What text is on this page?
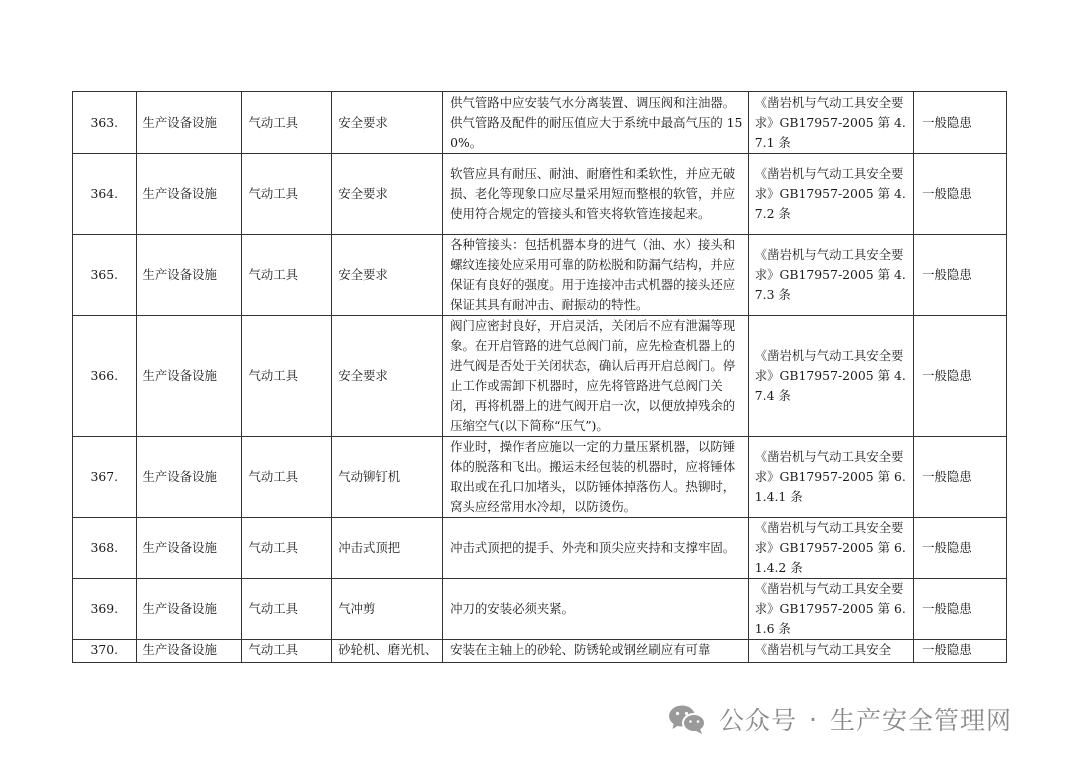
363.	生产设备设施	气动工具	安全要求	供气管路中应安装气水分离装置、调压阀和注油器。供气管路及配件的耐压值应大于系统中最高气压的 150%。	《凿岩机与气动工具安全要求》GB17957-2005 第 4.7.1 条	一般隐患
364.	生产设备设施	气动工具	安全要求	软管应具有耐压、耐油、耐磨性和柔软性，并应无破损、老化等现象口应尽量采用短而整根的软管，并应使用符合规定的管接头和管夹将软管连接起来。	《凿岩机与气动工具安全要求》GB17957-2005 第 4.7.2 条	一般隐患
365.	生产设备设施	气动工具	安全要求	各种管接头：包括机器本身的进气（油、水）接头和螺纹连接处应采用可靠的防松脱和防漏气结构，并应保证有良好的强度。用于连接冲击式机器的接头还应保证其具有耐冲击、耐振动的特性。	《凿岩机与气动工具安全要求》GB17957-2005 第 4.7.3 条	一般隐患
366.	生产设备设施	气动工具	安全要求	阀门应密封良好，开启灵活，关闭后不应有泄漏等现象。在开启管路的进气总阀门前，应先检查机器上的进气阀是否处于关闭状态，确认后再开启总阀门。停止工作或需卸下机器时，应先将管路进气总阀门关闭，再将机器上的进气阀开启一次，以便放掉残余的压缩空气(以下简称“压气”)。	《凿岩机与气动工具安全要求》GB17957-2005 第 4.7.4 条	一般隐患
367.	生产设备设施	气动工具	气动铆钉机	作业时，操作者应施以一定的力量压紧机器，以防锤体的脱落和飞出。搬运未经包装的机器时，应将锤体取出或在孔口加堵头，以防锤体掉落伤人。热铆时，窝头应经常用水冷却，以防烫伤。	《凿岩机与气动工具安全要求》GB17957-2005 第 6.1.4.1 条	一般隐患
368.	生产设备设施	气动工具	冲击式顶把	冲击式顶把的提手、外壳和顶尖应夹持和支撑牢固。	《凿岩机与气动工具安全要求》GB17957-2005 第 6.1.4.2 条	一般隐患
369.	生产设备设施	气动工具	气冲剪	冲刀的安装必须夹紧。	《凿岩机与气动工具安全要求》GB17957-2005 第 6.1.6 条	一般隐患
370.	生产设备设施	气动工具	砂轮机、磨光机、	安装在主轴上的砂轮、防锈轮或钢丝刷应有可靠	《凿岩机与气动工具安全	一般隐患
公众号 · 生产安全管理网
